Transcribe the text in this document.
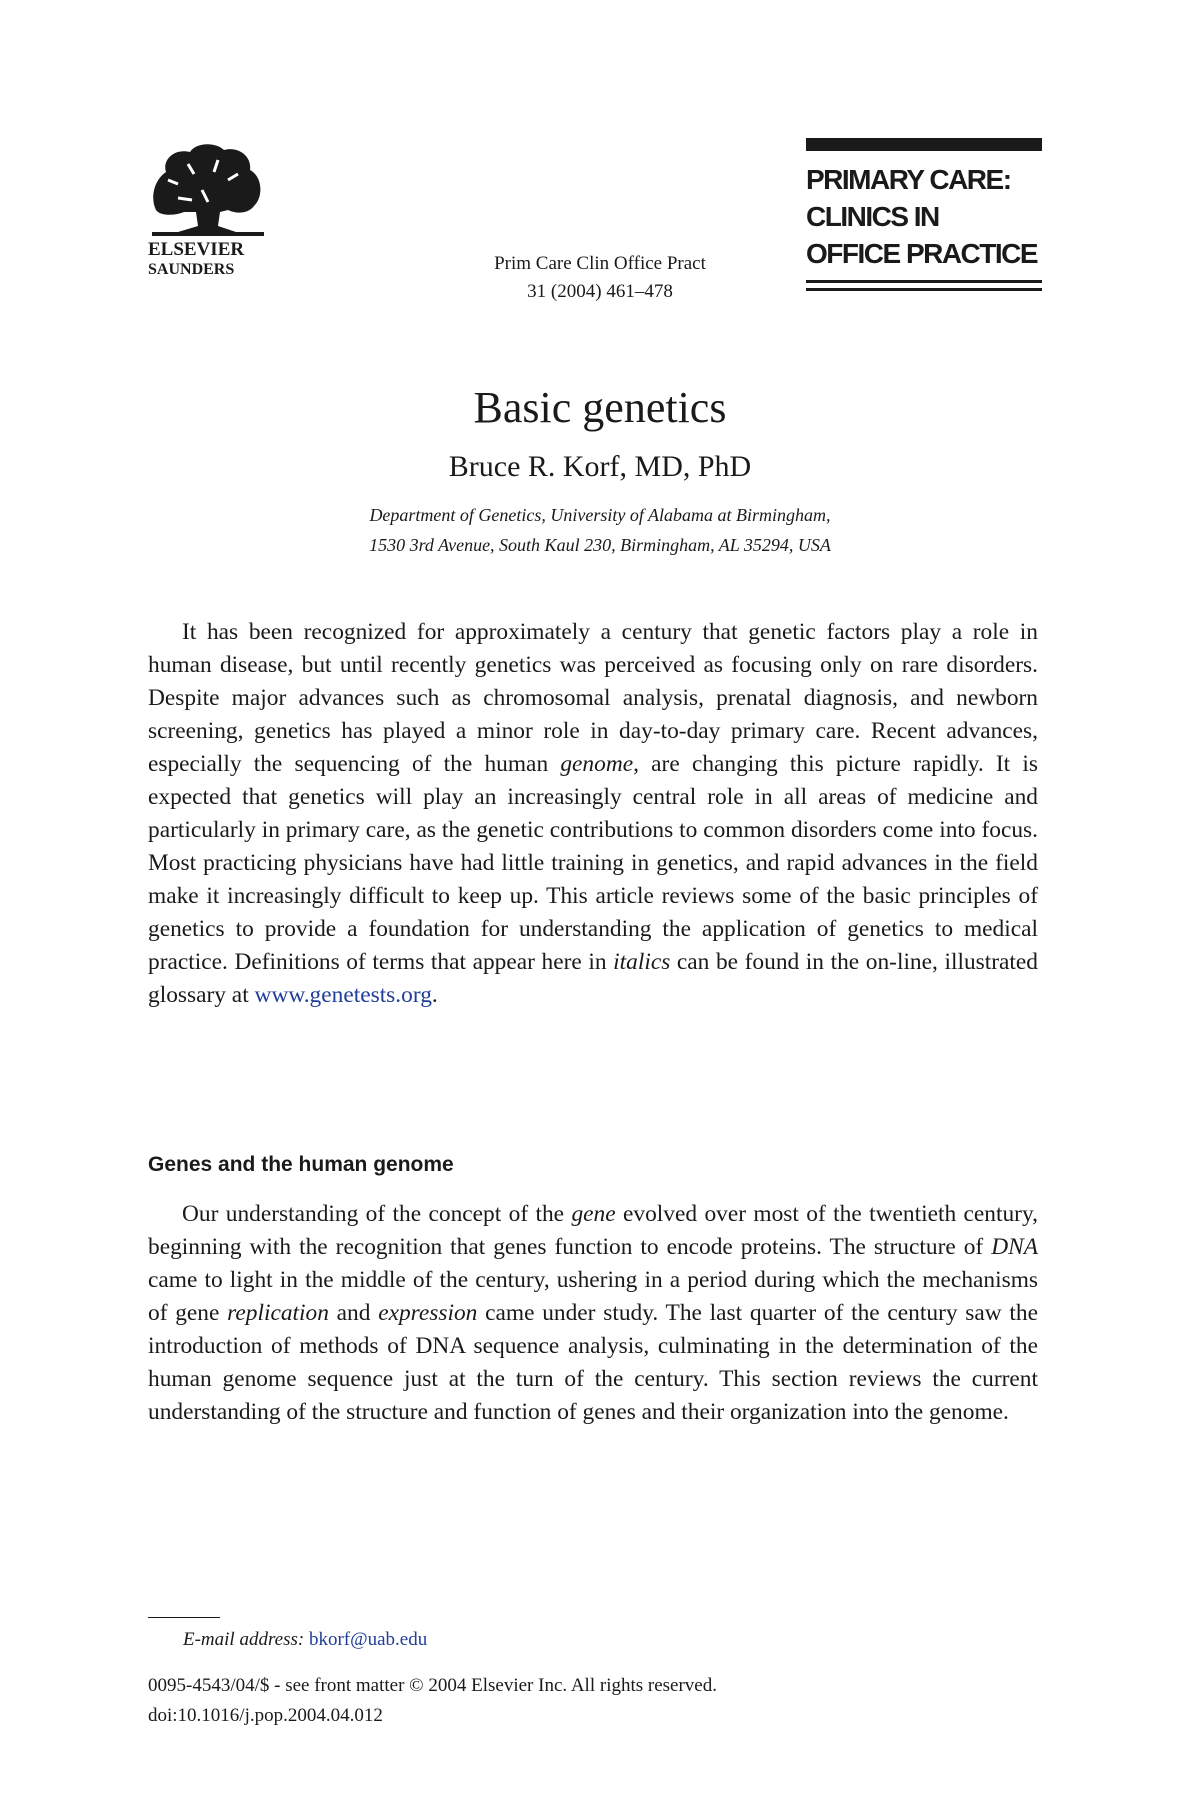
ELSEVIER
SAUNDERS	Prim Care Clin Office Pract
31 (2004) 461–478
PRIMARY CARE:
CLINICS IN
OFFICE PRACTICE
Basic genetics
Bruce R. Korf, MD, PhD
Department of Genetics, University of Alabama at Birmingham,
1530 3rd Avenue, South Kaul 230, Birmingham, AL 35294, USA

It has been recognized for approximately a century that genetic factors play a role in human disease, but until recently genetics was perceived as focusing only on rare disorders. Despite major advances such as chromosomal analysis, prenatal diagnosis, and newborn screening, genetics has played a minor role in day-to-day primary care. Recent advances, especially the sequencing of the human genome, are changing this picture rapidly. It is expected that genetics will play an increasingly central role in all areas of medicine and particularly in primary care, as the genetic contributions to common disorders come into focus. Most practicing physicians have had little training in genetics, and rapid advances in the field make it increasingly difficult to keep up. This article reviews some of the basic principles of genetics to provide a foundation for understanding the application of genetics to medical practice. Definitions of terms that appear here in italics can be found in the on-line, illustrated glossary at www.genetests.org.

Genes and the human genome

Our understanding of the concept of the gene evolved over most of the twentieth century, beginning with the recognition that genes function to encode proteins. The structure of DNA came to light in the middle of the century, ushering in a period during which the mechanisms of gene replication and expression came under study. The last quarter of the century saw the introduction of methods of DNA sequence analysis, culminating in the determination of the human genome sequence just at the turn of the century. This section reviews the current understanding of the structure and function of genes and their organization into the genome.

E-mail address: bkorf@uab.edu
0095-4543/04/$ - see front matter © 2004 Elsevier Inc. All rights reserved.
doi:10.1016/j.pop.2004.04.012
